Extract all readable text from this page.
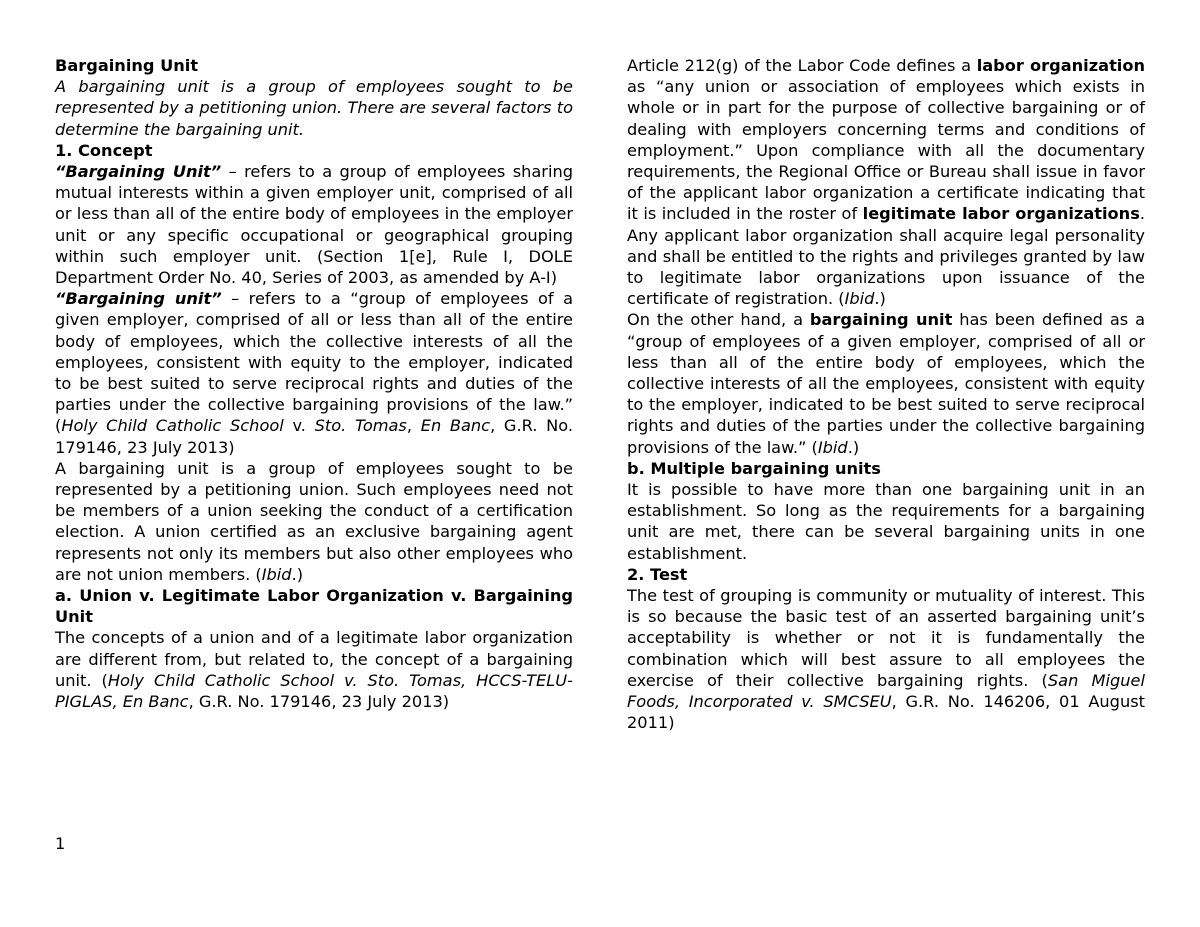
Bargaining Unit

A bargaining unit is a group of employees sought to be represented by a petitioning union. There are several factors to determine the bargaining unit.

1. Concept

“Bargaining Unit” – refers to a group of employees sharing mutual interests within a given employer unit, comprised of all or less than all of the entire body of employees in the employer unit or any specific occupational or geographical grouping within such employer unit. (Section 1[e], Rule I, DOLE Department Order No. 40, Series of 2003, as amended by A-I)

“Bargaining unit” – refers to a “group of employees of a given employer, comprised of all or less than all of the entire body of employees, which the collective interests of all the employees, consistent with equity to the employer, indicated to be best suited to serve reciprocal rights and duties of the parties under the collective bargaining provisions of the law.” (Holy Child Catholic School v. Sto. Tomas, En Banc, G.R. No. 179146, 23 July 2013)

A bargaining unit is a group of employees sought to be represented by a petitioning union. Such employees need not be members of a union seeking the conduct of a certification election. A union certified as an exclusive bargaining agent represents not only its members but also other employees who are not union members. (Ibid.)

a. Union v. Legitimate Labor Organization v. Bargaining Unit

The concepts of a union and of a legitimate labor organization are different from, but related to, the concept of a bargaining unit. (Holy Child Catholic School v. Sto. Tomas, HCCS-TELU-PIGLAS, En Banc, G.R. No. 179146, 23 July 2013)

Article 212(g) of the Labor Code defines a labor organization as “any union or association of employees which exists in whole or in part for the purpose of collective bargaining or of dealing with employers concerning terms and conditions of employment.” Upon compliance with all the documentary requirements, the Regional Office or Bureau shall issue in favor of the applicant labor organization a certificate indicating that it is included in the roster of legitimate labor organizations. Any applicant labor organization shall acquire legal personality and shall be entitled to the rights and privileges granted by law to legitimate labor organizations upon issuance of the certificate of registration. (Ibid.)

On the other hand, a bargaining unit has been defined as a “group of employees of a given employer, comprised of all or less than all of the entire body of employees, which the collective interests of all the employees, consistent with equity to the employer, indicated to be best suited to serve reciprocal rights and duties of the parties under the collective bargaining provisions of the law.” (Ibid.)

b. Multiple bargaining units

It is possible to have more than one bargaining unit in an establishment. So long as the requirements for a bargaining unit are met, there can be several bargaining units in one establishment.

2. Test

The test of grouping is community or mutuality of interest. This is so because the basic test of an asserted bargaining unit’s acceptability is whether or not it is fundamentally the combination which will best assure to all employees the exercise of their collective bargaining rights. (San Miguel Foods, Incorporated v. SMCSEU, G.R. No. 146206, 01 August 2011)

1
